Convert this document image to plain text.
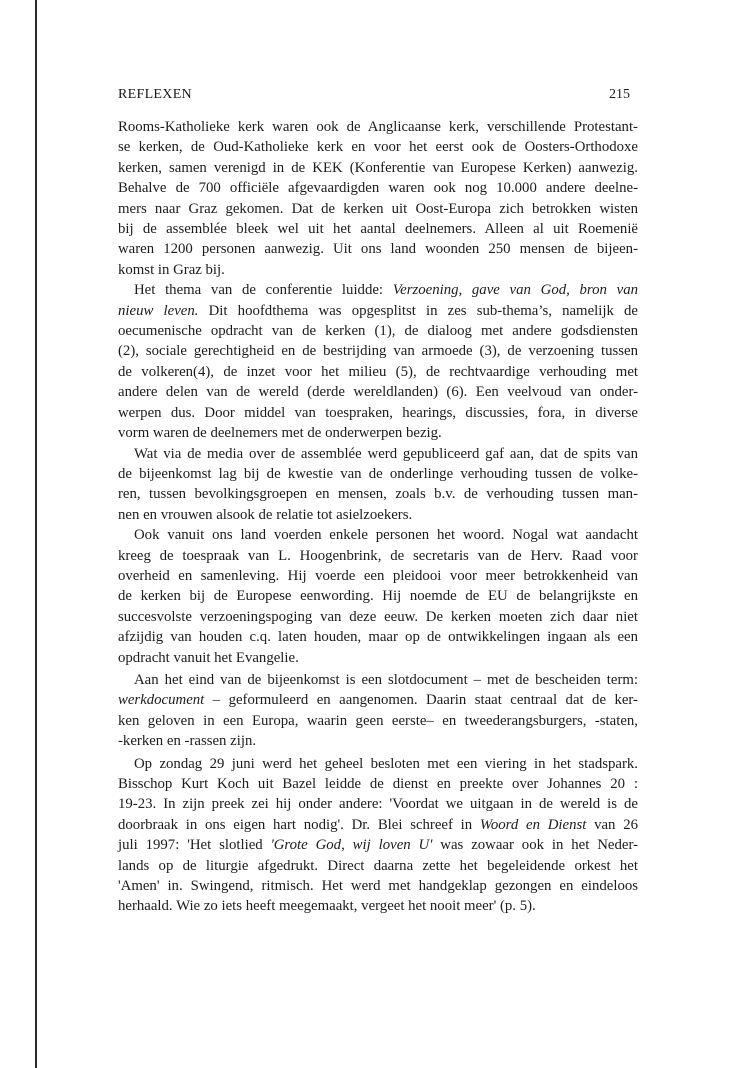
REFLEXEN	215
Rooms-Katholieke kerk waren ook de Anglicaanse kerk, verschillende Protestant-
se kerken, de Oud-Katholieke kerk en voor het eerst ook de Oosters-Orthodoxe
kerken, samen verenigd in de KEK (Konferentie van Europese Kerken) aanwezig.
Behalve de 700 officiële afgevaardigden waren ook nog 10.000 andere deelne-
mers naar Graz gekomen. Dat de kerken uit Oost-Europa zich betrokken wisten
bij de assemblée bleek wel uit het aantal deelnemers. Alleen al uit Roemenië
waren 1200 personen aanwezig. Uit ons land woonden 250 mensen de bijeen-
komst in Graz bij.
Het thema van de conferentie luidde: Verzoening, gave van God, bron van
nieuw leven. Dit hoofdthema was opgesplitst in zes sub-thema’s, namelijk de
oecumenische opdracht van de kerken (1), de dialoog met andere godsdiensten
(2), sociale gerechtigheid en de bestrijding van armoede (3), de verzoening tussen
de volkeren(4), de inzet voor het milieu (5), de rechtvaardige verhouding met
andere delen van de wereld (derde wereldlanden) (6). Een veelvoud van onder-
werpen dus. Door middel van toespraken, hearings, discussies, fora, in diverse
vorm waren de deelnemers met de onderwerpen bezig.
Wat via de media over de assemblée werd gepubliceerd gaf aan, dat de spits van
de bijeenkomst lag bij de kwestie van de onderlinge verhouding tussen de volke-
ren, tussen bevolkingsgroepen en mensen, zoals b.v. de verhouding tussen man-
nen en vrouwen alsook de relatie tot asielzoekers.
Ook vanuit ons land voerden enkele personen het woord. Nogal wat aandacht
kreeg de toespraak van L. Hoogenbrink, de secretaris van de Herv. Raad voor
overheid en samenleving. Hij voerde een pleidooi voor meer betrokkenheid van
de kerken bij de Europese eenwording. Hij noemde de EU de belangrijkste en
succesvolste verzoeningspoging van deze eeuw. De kerken moeten zich daar niet
afzijdig van houden c.q. laten houden, maar op de ontwikkelingen ingaan als een
opdracht vanuit het Evangelie.
Aan het eind van de bijeenkomst is een slotdocument – met de bescheiden term:
werkdocument – geformuleerd en aangenomen. Daarin staat centraal dat de ker-
ken geloven in een Europa, waarin geen eerste– en tweederangsburgers, -staten,
-kerken en -rassen zijn.
Op zondag 29 juni werd het geheel besloten met een viering in het stadspark.
Bisschop Kurt Koch uit Bazel leidde de dienst en preekte over Johannes 20 :
19-23. In zijn preek zei hij onder andere: 'Voordat we uitgaan in de wereld is de
doorbraak in ons eigen hart nodig'. Dr. Blei schreef in Woord en Dienst van 26
juli 1997: 'Het slotlied 'Grote God, wij loven U' was zowaar ook in het Neder-
lands op de liturgie afgedrukt. Direct daarna zette het begeleidende orkest het
'Amen' in. Swingend, ritmisch. Het werd met handgeklap gezongen en eindeloos
herhaald. Wie zo iets heeft meegemaakt, vergeet het nooit meer' (p. 5).
